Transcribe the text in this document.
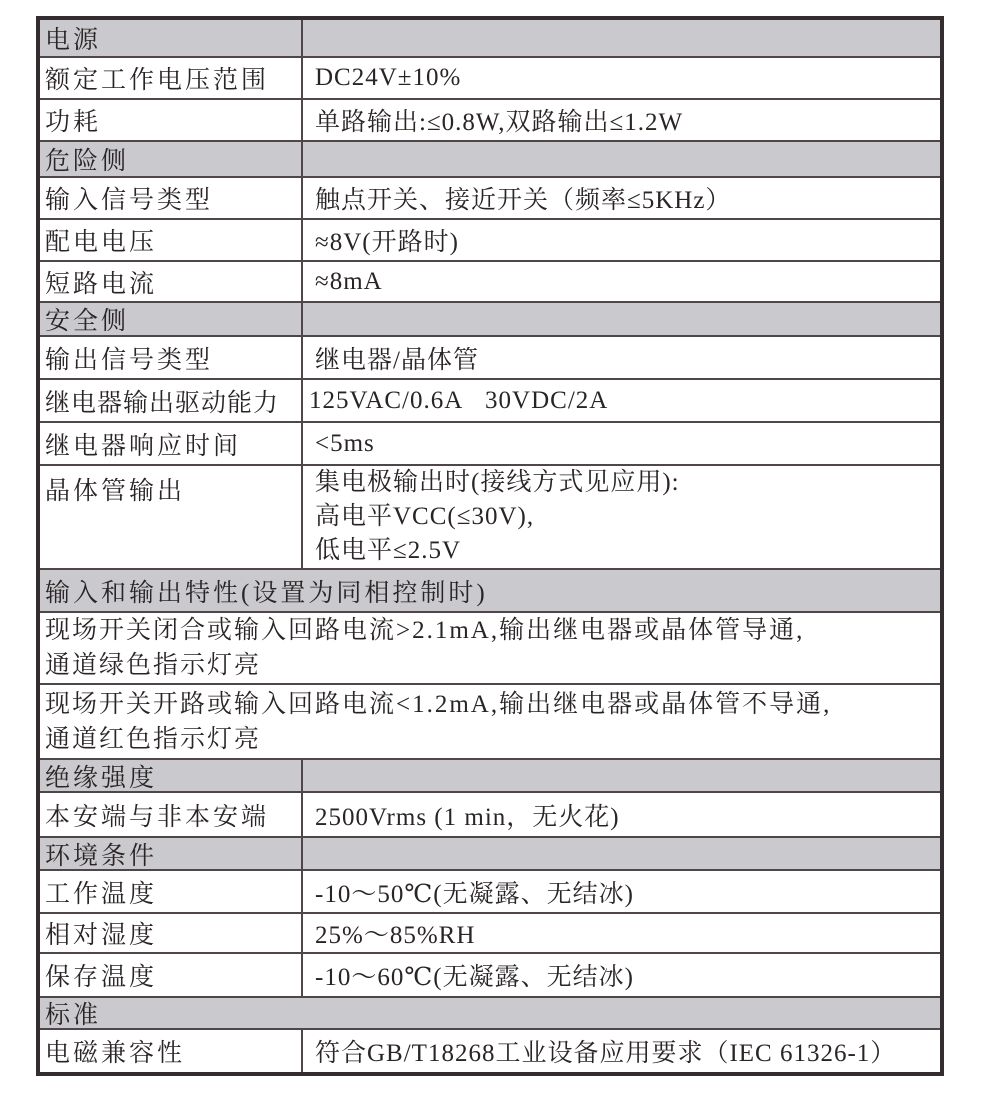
电源
额定工作电压范围	DC24V±10%
功耗	单路输出:≤0.8W,双路输出≤1.2W
危险侧
输入信号类型	触点开关、接近开关（频率≤5KHz）
配电电压	≈8V(开路时)
短路电流	≈8mA
安全侧
输出信号类型	继电器/晶体管
继电器输出驱动能力	125VAC/0.6A   30VDC/2A
继电器响应时间	<5ms
晶体管输出	集电极输出时(接线方式见应用):
高电平VCC(≤30V),
低电平≤2.5V
输入和输出特性(设置为同相控制时)
现场开关闭合或输入回路电流>2.1mA,输出继电器或晶体管导通,
通道绿色指示灯亮
现场开关开路或输入回路电流<1.2mA,输出继电器或晶体管不导通,
通道红色指示灯亮
绝缘强度
本安端与非本安端	2500Vrms (1 min，无火花)
环境条件
工作温度	-10～50℃(无凝露、无结冰)
相对湿度	25%～85%RH
保存温度	-10～60℃(无凝露、无结冰)
标准
电磁兼容性	符合GB/T18268工业设备应用要求（IEC 61326-1）
